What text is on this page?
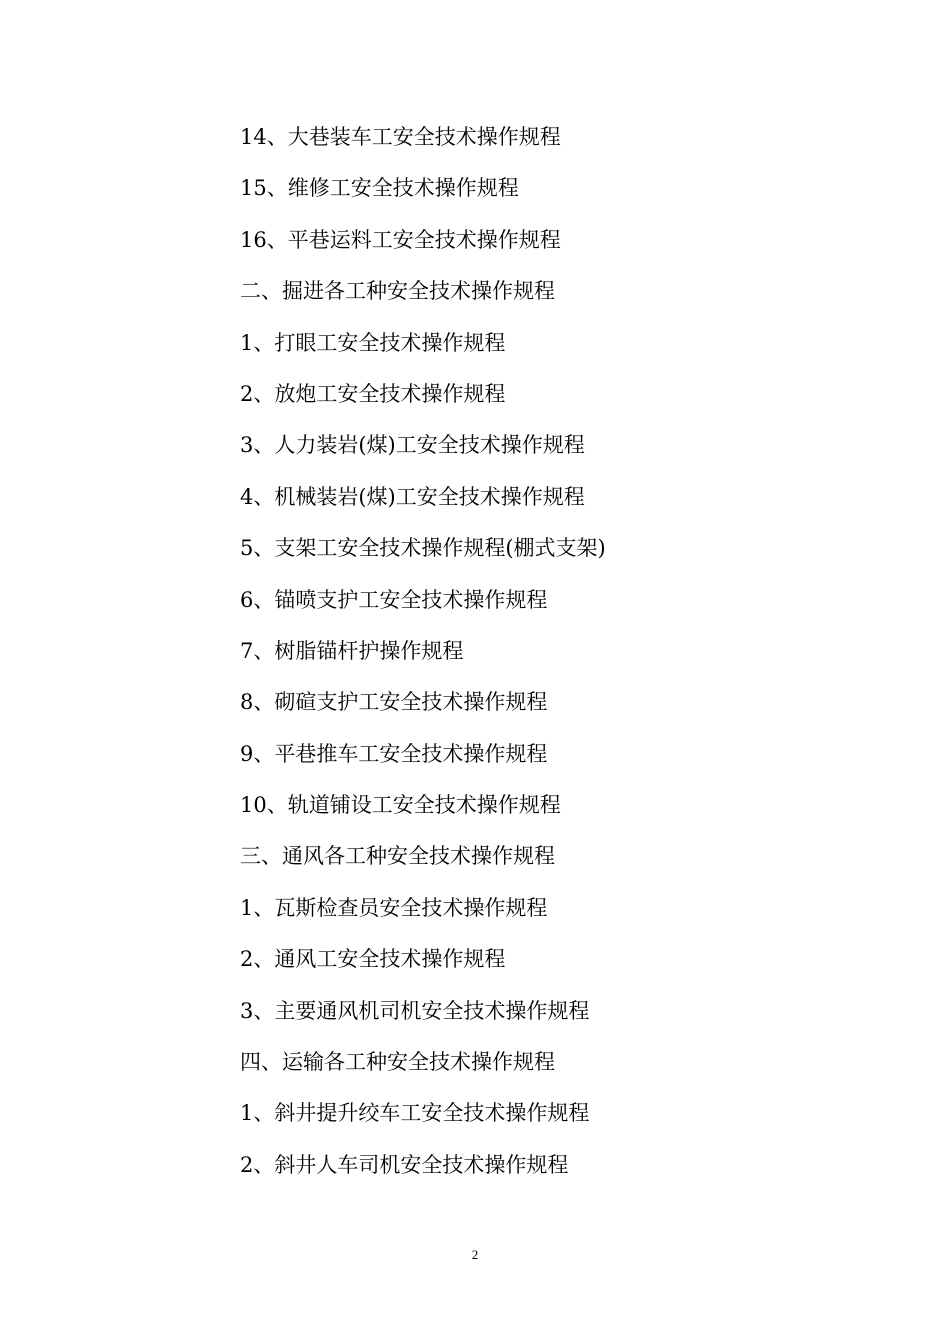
14、大巷装车工安全技术操作规程
15、维修工安全技术操作规程
16、平巷运料工安全技术操作规程
二、掘进各工种安全技术操作规程
1、打眼工安全技术操作规程
2、放炮工安全技术操作规程
3、人力装岩(煤)工安全技术操作规程
4、机械装岩(煤)工安全技术操作规程
5、支架工安全技术操作规程(棚式支架)
6、锚喷支护工安全技术操作规程
7、树脂锚杆护操作规程
8、砌碹支护工安全技术操作规程
9、平巷推车工安全技术操作规程
10、轨道铺设工安全技术操作规程
三、通风各工种安全技术操作规程
1、瓦斯检查员安全技术操作规程
2、通风工安全技术操作规程
3、主要通风机司机安全技术操作规程
四、运输各工种安全技术操作规程
1、斜井提升绞车工安全技术操作规程
2、斜井人车司机安全技术操作规程
2
